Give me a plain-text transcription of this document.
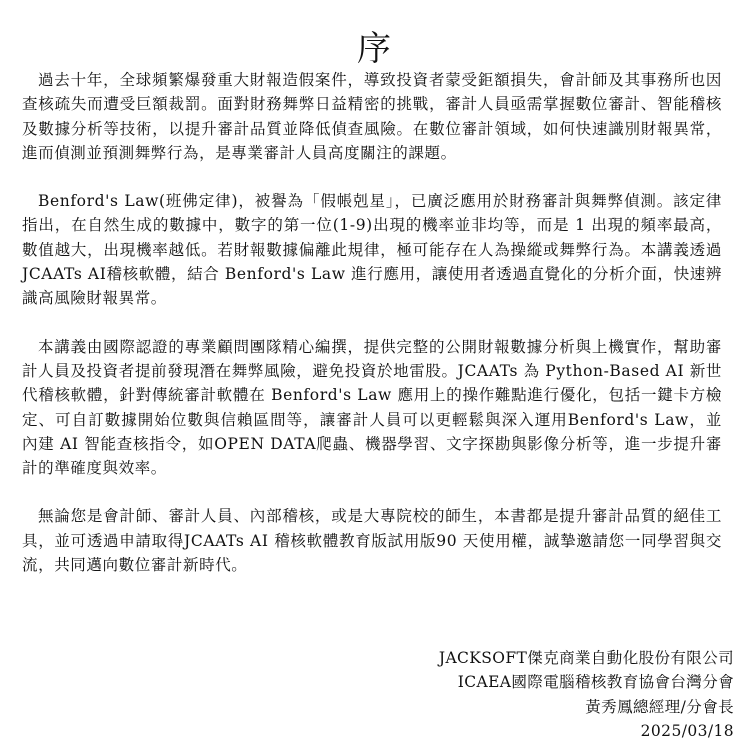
序

過去十年，全球頻繁爆發重大財報造假案件，導致投資者蒙受鉅額損失，會計師及其事務所也因查核疏失而遭受巨額裁罰。面對財務舞弊日益精密的挑戰，審計人員亟需掌握數位審計、智能稽核及數據分析等技術，以提升審計品質並降低偵查風險。在數位審計領域，如何快速識別財報異常，進而偵測並預測舞弊行為，是專業審計人員高度關注的課題。

Benford's Law(班佛定律)，被譽為「假帳剋星」，已廣泛應用於財務審計與舞弊偵測。該定律指出，在自然生成的數據中，數字的第一位(1-9)出現的機率並非均等，而是 1 出現的頻率最高，數值越大，出現機率越低。若財報數據偏離此規律，極可能存在人為操縱或舞弊行為。本講義透過JCAATs AI稽核軟體，結合 Benford's Law 進行應用，讓使用者透過直覺化的分析介面，快速辨識高風險財報異常。

本講義由國際認證的專業顧問團隊精心編撰，提供完整的公開財報數據分析與上機實作，幫助審計人員及投資者提前發現潛在舞弊風險，避免投資於地雷股。JCAATs 為 Python-Based AI 新世代稽核軟體，針對傳統審計軟體在 Benford's Law 應用上的操作難點進行優化，包括一鍵卡方檢定、可自訂數據開始位數與信賴區間等，讓審計人員可以更輕鬆與深入運用Benford's Law，並內建 AI 智能查核指令，如OPEN DATA爬蟲、機器學習、文字探勘與影像分析等，進一步提升審計的準確度與效率。

無論您是會計師、審計人員、內部稽核，或是大專院校的師生，本書都是提升審計品質的絕佳工具，並可透過申請取得JCAATs AI 稽核軟體教育版試用版90 天使用權，誠摯邀請您一同學習與交流，共同邁向數位審計新時代。

JACKSOFT傑克商業自動化股份有限公司
ICAEA國際電腦稽核教育協會台灣分會
黃秀鳳總經理/分會長
2025/03/18
